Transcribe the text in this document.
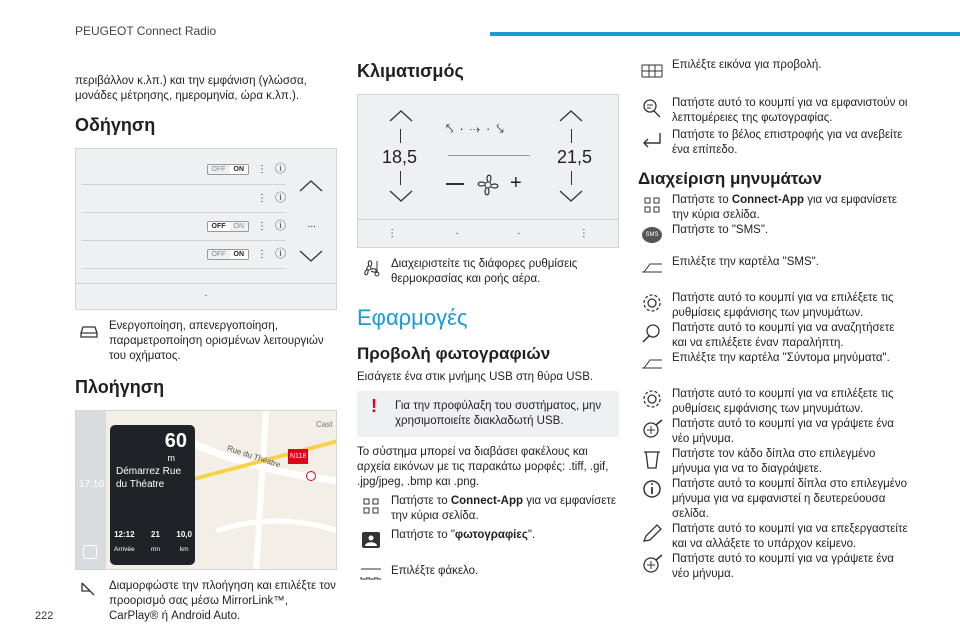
PEUGEOT Connect Radio
222

περιβάλλον κ.λπ.) και την εμφάνιση (γλώσσα, μονάδες μέτρησης, ημερομηνία, ώρα κ.λπ.).

Οδήγηση
OFF	ON	⋮ ⓘ
⋮ ⓘ
OFF	ON	⋮ ⓘ
OFF	ON	⋮ ⓘ
...
·

Ενεργοποίηση, απενεργοποίηση, παραμετροποίηση ορισμένων λειτουργιών του οχήματος.

Πλοήγηση
17:10
Rue du Théatre N118
Cast
60
m
Démarrez Rue du Théatre
12:12
Arrivée
21
mn
10,0
km

Διαμορφώστε την πλοήγηση και επιλέξτε τον προορισμό σας μέσω MirrorLink™, CarPlay® ή Android Auto.

Κλιματισμός
18,5
⤣·⇢·⤥
+
21,5
⋮	·	·	⋮

Διαχειριστείτε τις διάφορες ρυθμίσεις θερμοκρασίας και ροής αέρα.

Εφαρμογές
Προβολή φωτογραφιών

Εισάγετε ένα στικ μνήμης USB στη θύρα USB.

! Για την προφύλαξη του συστήματος, μην χρησιμοποιείτε διακλαδωτή USB.

Το σύστημα μπορεί να διαβάσει φακέλους και αρχεία εικόνων με τις παρακάτω μορφές: .tiff, .gif, .jpg/jpeg, .bmp και .png.

Πατήστε το Connect-App για να εμφανίσετε την κύρια σελίδα.

Πατήστε το "φωτογραφίες".

Επιλέξτε φάκελο.

Επιλέξτε εικόνα για προβολή.

Πατήστε αυτό το κουμπί για να εμφανιστούν οι λεπτομέρειες της φωτογραφίας.

Πατήστε το βέλος επιστροφής για να ανεβείτε ένα επίπεδο.

Διαχείριση μηνυμάτων

Πατήστε το Connect-App για να εμφανίσετε την κύρια σελίδα.

SMS	Πατήστε το "SMS".

Επιλέξτε την καρτέλα "SMS".

Πατήστε αυτό το κουμπί για να επιλέξετε τις ρυθμίσεις εμφάνισης των μηνυμάτων.

Πατήστε αυτό το κουμπί για να αναζητήσετε και να επιλέξετε έναν παραλήπτη.

Επιλέξτε την καρτέλα "Σύντομα μηνύματα".

Πατήστε αυτό το κουμπί για να επιλέξετε τις ρυθμίσεις εμφάνισης των μηνυμάτων.

Πατήστε αυτό το κουμπί για να γράψετε ένα νέο μήνυμα.

Πατήστε τον κάδο δίπλα στο επιλεγμένο μήνυμα για να το διαγράψετε.

Πατήστε αυτό το κουμπί δίπλα στο επιλεγμένο μήνυμα για να εμφανιστεί η δευτερεύουσα σελίδα.

Πατήστε αυτό το κουμπί για να επεξεργαστείτε και να αλλάξετε το υπάρχον κείμενο.

Πατήστε αυτό το κουμπί για να γράψετε ένα νέο μήνυμα.
